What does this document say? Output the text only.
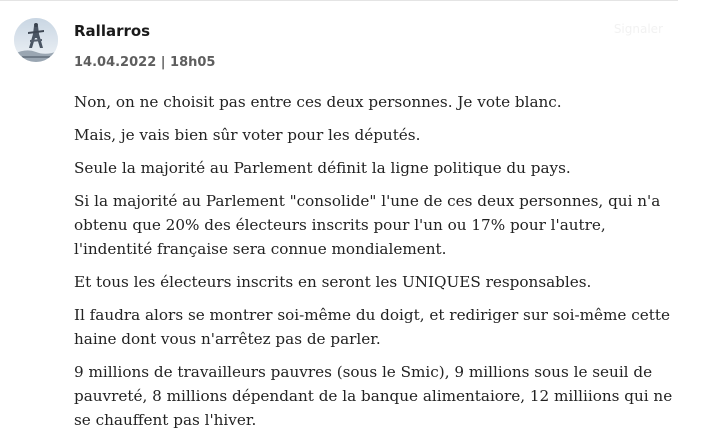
Rallarros
14.04.2022 | 18h05
Signaler

Non, on ne choisit pas entre ces deux personnes. Je vote blanc.

Mais, je vais bien sûr voter pour les députés.

Seule la majorité au Parlement définit la ligne politique du pays.

Si la majorité au Parlement "consolide" l'une de ces deux personnes, qui n'a obtenu que 20% des électeurs inscrits pour l'un ou 17% pour l'autre, l'indentité française sera connue mondialement.

Et tous les électeurs inscrits en seront les UNIQUES responsables.

Il faudra alors se montrer soi-même du doigt, et rediriger sur soi-même cette haine dont vous n'arrêtez pas de parler.

9 millions de travailleurs pauvres (sous le Smic), 9 millions sous le seuil de pauvreté, 8 millions dépendant de la banque alimentaiore, 12 milliions qui ne se chauffent pas l'hiver.
